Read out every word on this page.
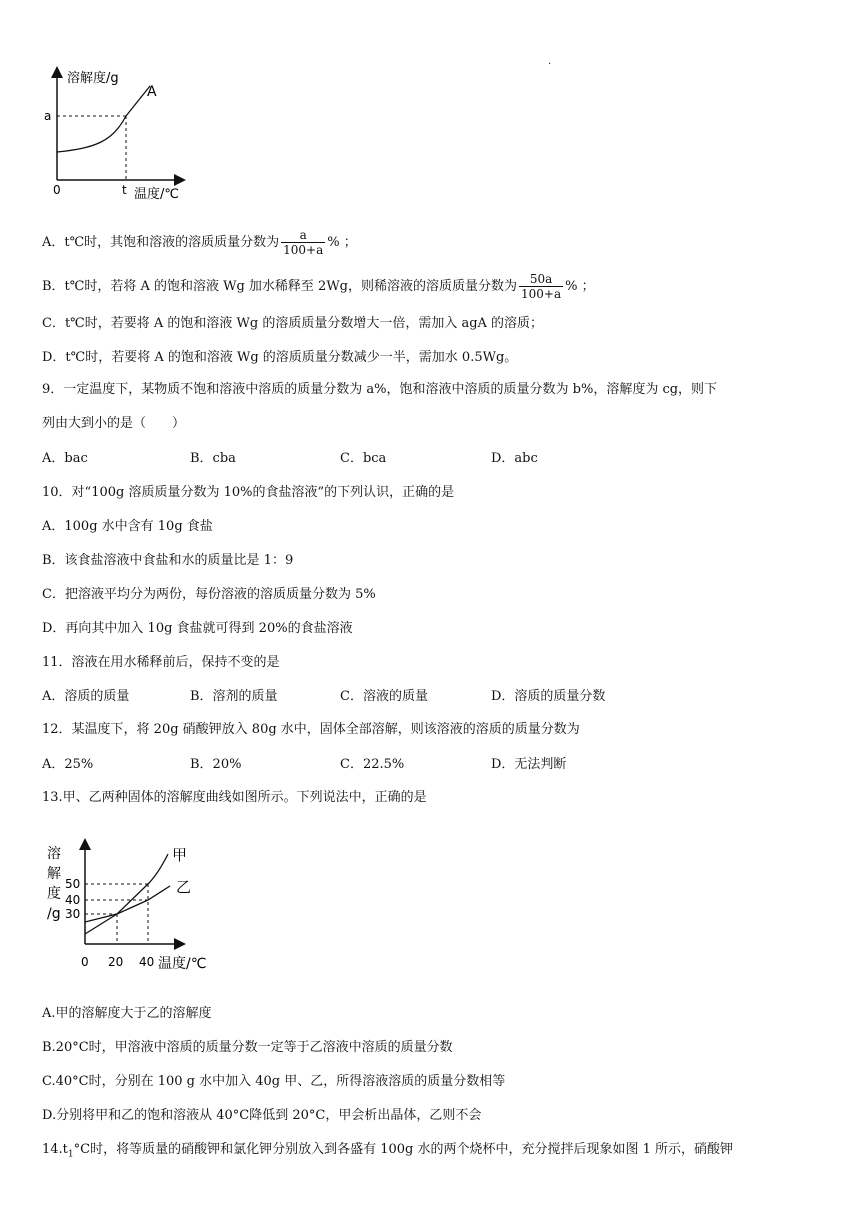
.
溶解度/g
A
a
0	t 温度/℃
A．t℃时，其饱和溶液的溶质质量分数为 $\frac{a}{100+a}$ % ；
B．t℃时，若将 A 的饱和溶液 Wg 加水稀释至 2Wg，则稀溶液的溶质质量分数为 $\frac{50a}{100+a}$ % ；
C．t℃时，若要将 A 的饱和溶液 Wg 的溶质质量分数增大一倍，需加入 agA 的溶质；
D．t℃时，若要将 A 的饱和溶液 Wg 的溶质质量分数减少一半，需加水 0.5Wg。
9．一定温度下，某物质不饱和溶液中溶质的质量分数为 a%，饱和溶液中溶质的质量分数为 b%，溶解度为 cg，则下
列由大到小的是（　　）
A．bac	B．cba	C．bca	D．abc
10．对“100g 溶质质量分数为 10%的食盐溶液”的下列认识，正确的是
A．100g 水中含有 10g 食盐
B．该食盐溶液中食盐和水的质量比是 1：9
C．把溶液平均分为两份，每份溶液的溶质质量分数为 5%
D．再向其中加入 10g 食盐就可得到 20%的食盐溶液
11．溶液在用水稀释前后，保持不变的是
A．溶质的质量	B．溶剂的质量	C．溶液的质量	D．溶质的质量分数
12．某温度下，将 20g 硝酸钾放入 80g 水中，固体全部溶解，则该溶液的溶质的质量分数为
A．25%	B．20%	C．22.5%	D．无法判断
13.甲、乙两种固体的溶解度曲线如图所示。下列说法中，正确的是
溶
解
度
/g
50
40
30
0 20 40 温度/℃
甲
乙
A.甲的溶解度大于乙的溶解度
B.20°C时，甲溶液中溶质的质量分数一定等于乙溶液中溶质的质量分数
C.40°C时，分别在 100 g 水中加入 40g 甲、乙，所得溶液溶质的质量分数相等
D.分别将甲和乙的饱和溶液从 40°C降低到 20°C，甲会析出晶体，乙则不会
$14.t_1^\circ C$时，将等质量的硝酸钾和氯化钾分别放入到各盛有 100g 水的两个烧杯中，充分搅拌后现象如图 1 所示，硝酸钾
